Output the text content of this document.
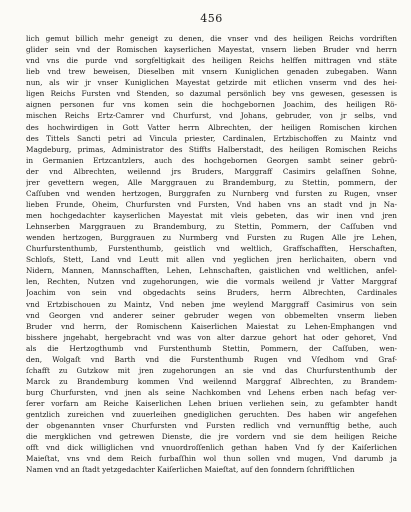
456
lich gemut billich mehr geneigt zu denen, die vnser vnd des heiligen Reichs vordriften
glider sein vnd der Romischen kayserlichen Mayestat, vnsern lieben Bruder vnd herrn
vnd vns die purde vnd sorgfeltigkait des heiligen Reichs helffen mittragen vnd stäte
lieb vnd trew beweisen, Dieselben mit vnsern Kuniglichen genaden zubegaben. Wann
nun, als wir jr vnser Kuniglichen Mayestat getzirde mit etlichen vnserm vnd des hei-
ligen Reichs Fursten vnd Stenden, so dazumal persönlich bey vns gewesen, gesessen is
aignen personen fur vns komen sein die hochgebornen Joachim, des heiligen Rö-
mischen Reichs Ertz-Camrer vnd Churfurst, vnd Johans, gebruder, von jr selbs, vnd
des hochwirdigen in Gott Vatter herrn Albrechten, der heiligen Romischen kirchen
des Tittels Sancti petri ad Vincula priester, Cardinalen, Ertzbischoffen zu Maintz vnd
Magdeburg, primas, Administrator des Stiffts Halberstadt, des heiligen Romischen Reichs
in Germanien Ertzcantzlers, auch des hochgebornen Georgen sambt seiner gebrü-
der vnd Albrechten, weilennd jrs Bruders, Marggraff Casimirs gelaſſnen Sohne,
jrer gevettern wegen, Alle Marggrauen zu Brandemburg, zu Stettin, pommern, der
Caſſuben vnd wenden hertzogen, Burggrafen zu Nurnberg vnd fursten zu Rugen, vnser
lieben Frunde, Oheim, Churfursten vnd Fursten, Vnd haben vns an stadt vnd jn Na-
men hochgedachter kayserlichen Mayestat mit vleis gebeten, das wir inen vnd jren
Lehnserben Marggrauen zu Brandemburg, zu Stettin, Pommern, der Caſſuben vnd
wenden hertzogen, Burggrauen zu Nurmberg vnd Fursten zu Rugen Alle jre Lehen,
Churfurstenthumb, Furstenthumb, geistlich vnd weltlich, Graffschafften, Herschaften,
Schlofs, Stett, Land vnd Leutt mit allen vnd yeglichen jren herlichaiten, obern vnd
Nidern, Mannen, Mannschafften, Lehen, Lehnschaften, gaistlichen vnd weltlichen, anfel-
len, Rechten, Nutzen vnd zugehorungen, wie die vormals weilend jr Vatter Marggraf
Joachim von sein vnd obgedachts seins Bruders, herrn Albrechten, Cardinales
vnd Ertzbischouen zu Maintz, Vnd neben jme weylend Marggraff Casimirus von sein
vnd Georgen vnd anderer seiner gebruder wegen von obbemelten vnserm lieben
Bruder vnd herrn, der Romischenn Kaiserlichen Maiestat zu Lehen-Emphangen vnd
bisshere jngehabt, hergebracht vnd was von alter darzue gehort hat oder gehoret, Vnd
als die Hertzogthumb vnd Furstenthumb Stettin, Pommern, der Caſſuben, wen-
den, Wolgaſt vnd Barth vnd die Furstenthumb Rugen vnd Vſedhom vnd Graf-
ſchafft zu Gutzkow mit jren zugehorungen an sie vnd das Churfurstenthumb der
Marck zu Brandemburg kommen Vnd weilennd Marggraf Albrechten, zu Brandem-
burg Churfursten, vnd jnen als seine Nachkomben vnd Lehens erben nach befag ver-
ſerer vorfarn am Reiche Kaiserlichen Lehen briuen verliehen sein, zu gefambter handt
gentzlich zureichen vnd zuuerleihen gnediglichen geruchten. Des haben wir angefehen
der obgenannten vnser Churfursten vnd Fursten redlich vnd vernunfftig bethe, auch
die mergklichen vnd getrewen Dienste, die jre vordern vnd sie dem heiligen Reiche
offt vnd dick williglichen vnd vnuordroſſenlich gethan haben Vnd ſy der Kaiſerlichen
Maieſtat, vns vnd dem Reich furbaſſhin wol thun sollen vnd mugen, Vnd darumb ja
Namen vnd an ſtadt yetzgedachter Kaiſerlichen Maieſtat, auf den ſonndern ſchrifftlichen
